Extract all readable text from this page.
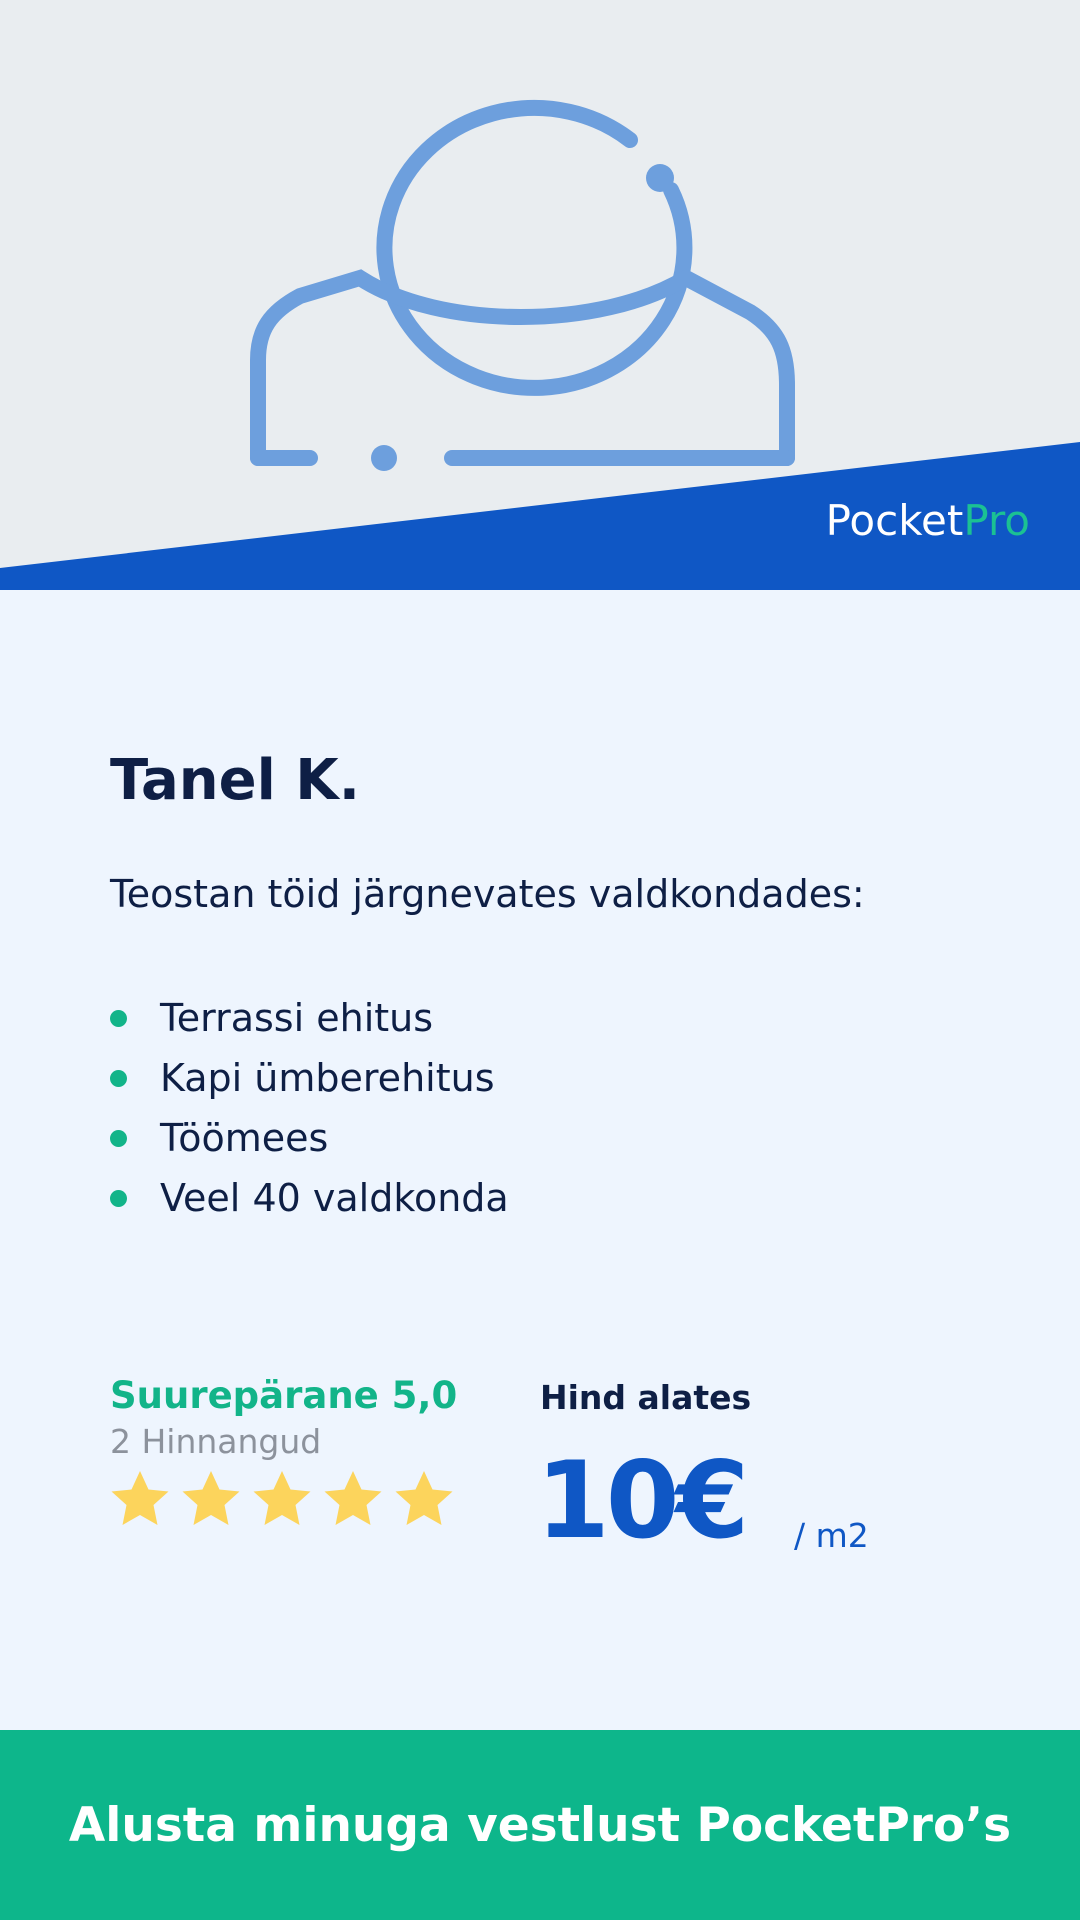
PocketPro
Tanel K.

Teostan töid järgnevates valdkondades:

Terrassi ehitus
Kapi ümberehitus
Töömees
Veel 40 valdkonda
Suurepärane 5,0
2 Hinnangud
Hind alates
10€ / m2
Alusta minuga vestlust PocketPro’s
